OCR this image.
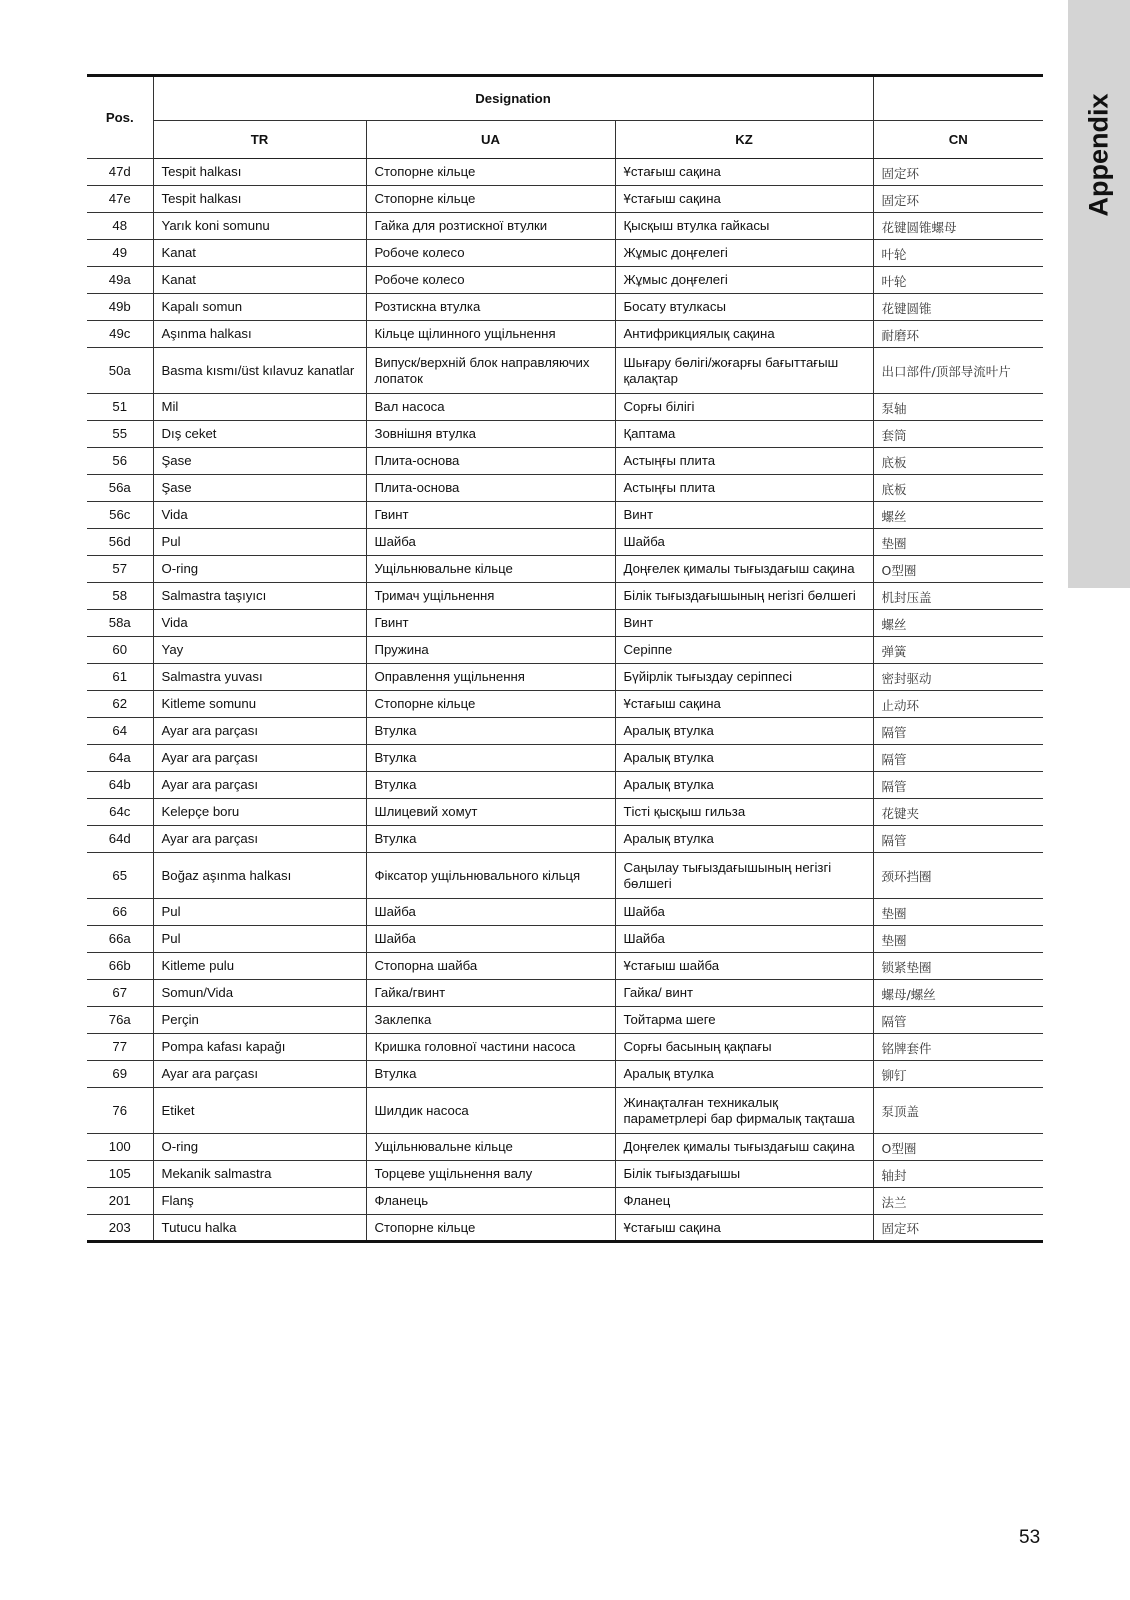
Appendix
Pos.	Designation			
	TR	UA	KZ	CN
47d	Tespit halkası	Стопорне кільце	Ұстағыш сақина	固定环
47e	Tespit halkası	Стопорне кільце	Ұстағыш сақина	固定环
48	Yarık koni somunu	Гайка для розтискної втулки	Қысқыш втулка гайкасы	花键圆锥螺母
49	Kanat	Робоче колесо	Жұмыс доңғелегі	叶轮
49a	Kanat	Робоче колесо	Жұмыс доңғелегі	叶轮
49b	Kapalı somun	Розтискна втулка	Босату втулкасы	花键圆锥
49c	Aşınma halkası	Кільце щілинного ущільнення	Антифрикциялық сақина	耐磨环
50a	Basma kısmı/üst kılavuz kanatlar	Випуск/верхній блок направляючих лопаток	Шығару бөлігі/жоғарғы бағыттағыш қалақтар	出口部件/顶部导流叶片
51	Mil	Вал насоса	Сорғы білігі	泵轴
55	Dış ceket	Зовнішня втулка	Қаптама	套筒
56	Şase	Плита-основа	Астыңғы плита	底板
56a	Şase	Плита-основа	Астыңғы плита	底板
56c	Vida	Гвинт	Винт	螺丝
56d	Pul	Шайба	Шайба	垫圈
57	O-ring	Ущільнювальне кільце	Доңғелек қимaлы тығыздағыш сақина	O型圈
58	Salmastra taşıyıcı	Тримач ущільнення	Білік тығыздағышының негізгі бөлшегі	机封压盖
58a	Vida	Гвинт	Винт	螺丝
60	Yay	Пружина	Серіппе	弹簧
61	Salmastra yuvası	Оправлення ущільнення	Бүйірлік тығыздау серіппесі	密封驱动
62	Kitleme somunu	Стопорне кільце	Ұстағыш сақина	止动环
64	Ayar ara parçası	Втулка	Аралық втулка	隔管
64a	Ayar ara parçası	Втулка	Аралық втулка	隔管
64b	Ayar ara parçası	Втулка	Аралық втулка	隔管
64c	Kelepçe boru	Шлицевий хомут	Тісті қысқыш гильза	花键夹
64d	Ayar ara parçası	Втулка	Аралық втулка	隔管
65	Boğaz aşınma halkası	Фіксатор ущільнювального кільця	Саңылау тығыздағышының негізгі бөлшегі	颈环挡圈
66	Pul	Шайба	Шайба	垫圈
66a	Pul	Шайба	Шайба	垫圈
66b	Kitleme pulu	Стопорна шайба	Ұстағыш шайба	锁紧垫圈
67	Somun/Vida	Гайка/гвинт	Гайка/ винт	螺母/螺丝
76a	Perçin	Заклепка	Тойтарма шеге	隔管
77	Pompa kafası kapağı	Кришка головної частини насоса	Сорғы басының қақпағы	铭牌套件
69	Ayar ara parçası	Втулка	Аралық втулка	铆钉
76	Etiket	Шилдик насоса	Жинақталған техникалық параметрлері бар фирмалық тақташа	泵顶盖
100	O-ring	Ущільнювальне кільце	Доңғелек қимaлы тығыздағыш сақина	O型圈
105	Mekanik salmastra	Торцеве ущільнення валу	Білік тығыздағышы	轴封
201	Flanş	Фланець	Фланец	法兰
203	Tutucu halka	Стопорне кільце	Ұстағыш сақина	固定环
53
